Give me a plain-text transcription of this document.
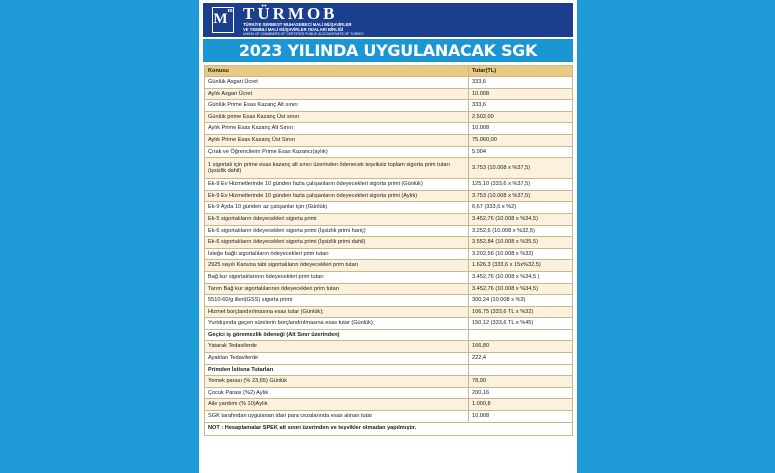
$M^m$ TÜRMOB
TÜRKİYE SERBEST MUHASEBECİ MALİ MÜŞAVİRLER
VE YEMİNLİ MALİ MÜŞAVİRLER ODALARI BİRLİĞİ
UNION OF CHAMBERS OF CERTIFIED PUBLIC ACCOUNTANTS OF TURKEY
2023 YILINDA UYGULANACAK SGK
Konusu	Tutar(TL)
Günlük Asgari Ücret	333,6
Aylık Asgari Ücret	10.008
Günlük Prime Esas Kazanç Alt sınırı	333,6
Günlük prime Esas Kazanç Üst sınırı	2.502,00
Aylık Prime Esas Kazanç Alt Sınırı	10.008
Aylık Prime Esas Kazanç Üst Sınırı	75.060,00
Çırak ve Öğrencilerin Prime Esas Kazancı(aylık)	5.004
1 sigortalı için prime esas kazanç alt sınırı üzerinden ödenecek teşviksiz toplam sigorta prim tutarı (işsizlik dahil)	3.753 (10.008 x %37,5)
Ek-9 Ev Hizmetlerinde 10 günden fazla çalışanların ödeyecekleri sigorta primi (Günlük)	125,10 (333,6 x %37,5)
Ek-9 Ev Hizmetlerinde 10 günden fazla çalışanların ödeyecekleri sigorta primi (Aylık)	3.753 (10.008 x %37,5)
Ek-9 Ayda 10 günden az çalışanlar için (Günlük)	6,67 (333,6 x %2)
Ek-5 sigortalıların ödeyecekleri sigorta primi	3.452,76 (10.008 x %34,5)
Ek-6 sigortalıların ödeyecekleri sigorta primi (İşsizlik primi hariç)	3.252,6 (10.008 x %32,5)
Ek-6 sigortalıların ödeyecekleri sigorta primi (İşsizlik primi dahil)	3.552,84 (10.008 x %35,5)
İsteğe bağlı sigortalıların ödeyecekleri prim tutarı	3.202,56 (10.008 x %32)
2925 sayılı Kanuna tabi sigortalıların ödeyecekleri prim tutarı	1.626,3 (333,6 x 15x%32,5)
Bağ kur sigortalılarının ödeyecekleri prim tutarı	3.452,76 (10.008 x %34,5 )
Tarım Bağ kur sigortalılarının ödeyecekleri prim tutarı	3.452,76 (10.008 x %34,5)
5510-60/g illeri(GSS) sigorta primi	300,24 (10.008 x %3)
Hizmet borçlandırılmasına esas tutar (Günlük);	106,75 (333,6 TL x %32)
Yurtdışında geçen sürelerin borçlandırılmasına esas tutar (Günlük);	150,12 (333,6 TL x %45)
Geçici iş göremezlik ödeneği (Alt Sınır üzerinden)	
Yatarak Tedavilerde	166,80
Ayaktan Tedavilerde	222,4
Primden İstisna Tutarları	
Yemek parası (% 23,65) Günlük	78,90
Çocuk Parası (%2) Aylık	200,16
Aile yardımı (% 10)Aylık	1.000,8
SGK tarafından uygulanan idari para cezalarında esas alınan tutar	10.008
NOT : Hesaplamalar SPEK alt sınırı üzerinden ve teşvikler olmadan yapılmıştır.	
